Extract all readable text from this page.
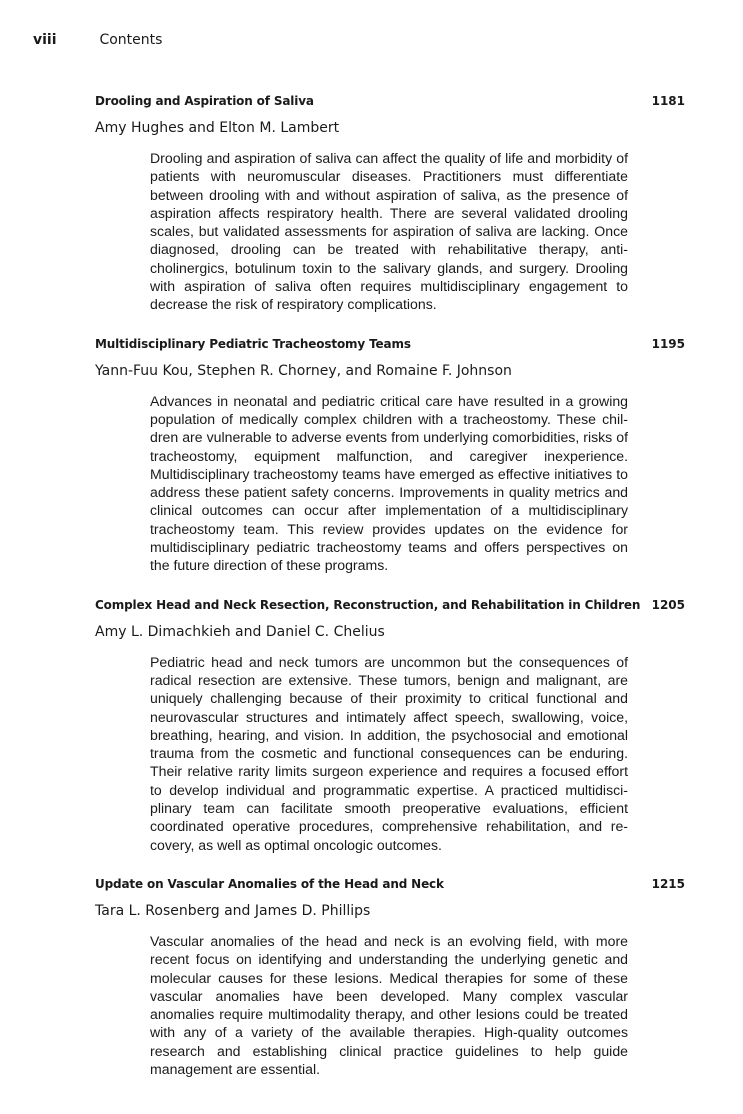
viii	Contents
Drooling and Aspiration of Saliva	1181
Amy Hughes and Elton M. Lambert
Drooling and aspiration of saliva can affect the quality of life and morbidity of patients with neuromuscular diseases. Practitioners must differentiate between drooling with and without aspiration of saliva, as the presence of aspiration affects respiratory health. There are several validated drooling scales, but validated assessments for aspiration of saliva are lacking. Once diagnosed, drooling can be treated with rehabilitative therapy, anticholinergics, botulinum toxin to the salivary glands, and surgery. Drooling with aspiration of saliva often requires multidisciplinary engagement to decrease the risk of respiratory complications.
Multidisciplinary Pediatric Tracheostomy Teams	1195
Yann-Fuu Kou, Stephen R. Chorney, and Romaine F. Johnson
Advances in neonatal and pediatric critical care have resulted in a growing population of medically complex children with a tracheostomy. These children are vulnerable to adverse events from underlying comorbidities, risks of tracheostomy, equipment malfunction, and caregiver inexperience. Multidisciplinary tracheostomy teams have emerged as effective initiatives to address these patient safety concerns. Improvements in quality metrics and clinical outcomes can occur after implementation of a multidisciplinary tracheostomy team. This review provides updates on the evidence for multidisciplinary pediatric tracheostomy teams and offers perspectives on the future direction of these programs.
Complex Head and Neck Resection, Reconstruction, and Rehabilitation in Children 1205
Amy L. Dimachkieh and Daniel C. Chelius
Pediatric head and neck tumors are uncommon but the consequences of radical resection are extensive. These tumors, benign and malignant, are uniquely challenging because of their proximity to critical functional and neurovascular structures and intimately affect speech, swallowing, voice, breathing, hearing, and vision. In addition, the psychosocial and emotional trauma from the cosmetic and functional consequences can be enduring. Their relative rarity limits surgeon experience and requires a focused effort to develop individual and programmatic expertise. A practiced multidisciplinary team can facilitate smooth preoperative evaluations, efficient coordinated operative procedures, comprehensive rehabilitation, and recovery, as well as optimal oncologic outcomes.
Update on Vascular Anomalies of the Head and Neck	1215
Tara L. Rosenberg and James D. Phillips
Vascular anomalies of the head and neck is an evolving field, with more recent focus on identifying and understanding the underlying genetic and molecular causes for these lesions. Medical therapies for some of these vascular anomalies have been developed. Many complex vascular anomalies require multimodality therapy, and other lesions could be treated with any of a variety of the available therapies. High-quality outcomes research and establishing clinical practice guidelines to help guide management are essential.
